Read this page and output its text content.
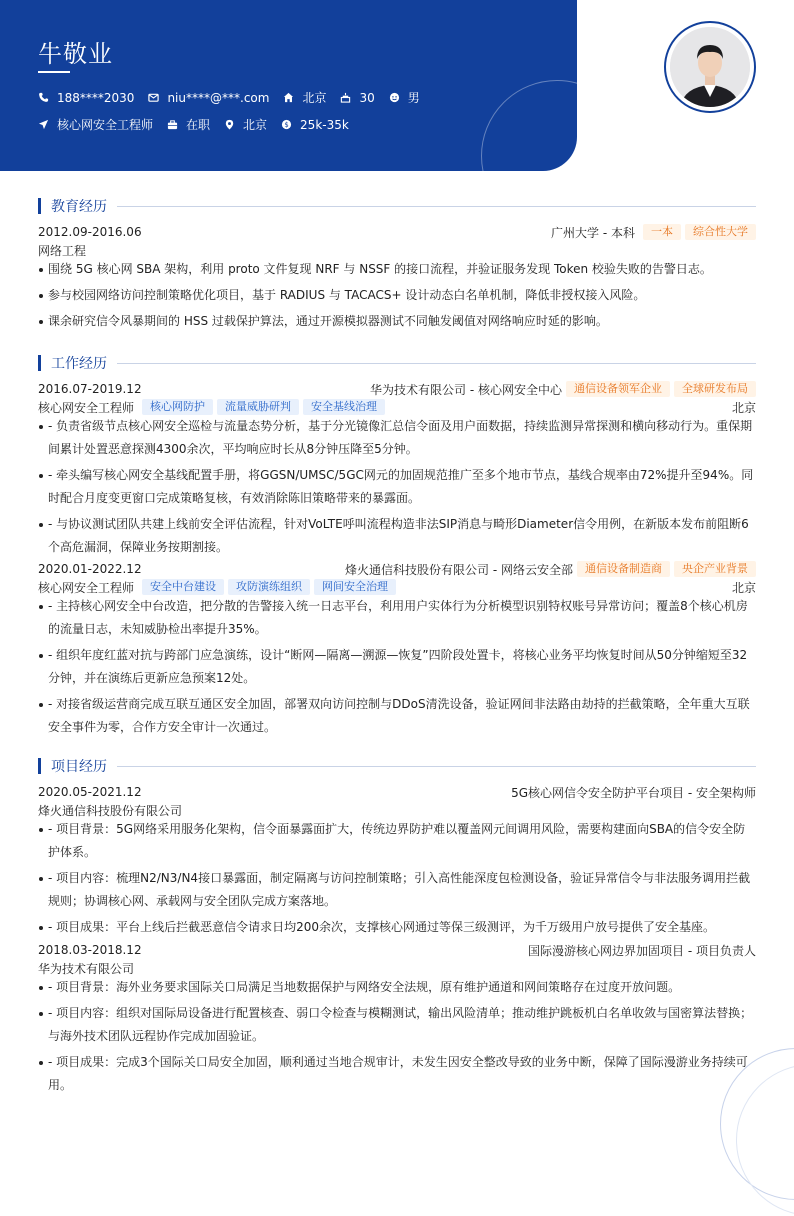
牛敬业
188****2030	niu****@***.com	北京	30	男
核心网安全工程师	在职	北京 $ 25k-35k
教育经历
2012.09-2016.06	广州大学 - 本科	一本	综合性大学
网络工程
围绕 5G 核心网 SBA 架构，利用 proto 文件复现 NRF 与 NSSF 的接口流程，并验证服务发现 Token 校验失败的告警日志。
参与校园网络访问控制策略优化项目，基于 RADIUS 与 TACACS+ 设计动态白名单机制，降低非授权接入风险。
课余研究信令风暴期间的 HSS 过载保护算法，通过开源模拟器测试不同触发阈值对网络响应时延的影响。
工作经历
2016.07-2019.12	华为技术有限公司 - 核心网安全中心	通信设备领军企业	全球研发布局
核心网安全工程师	核心网防护	流量威胁研判	安全基线治理	北京
- 负责省级节点核心网安全巡检与流量态势分析，基于分光镜像汇总信令面及用户面数据，持续监测异常探测和横向移动行为。重保期间累计处置恶意探测4300余次，平均响应时长从8分钟压降至5分钟。
- 牵头编写核心网安全基线配置手册，将GGSN/UMSC/5GC网元的加固规范推广至多个地市节点，基线合规率由72%提升至94%。同时配合月度变更窗口完成策略复核，有效消除陈旧策略带来的暴露面。
- 与协议测试团队共建上线前安全评估流程，针对VoLTE呼叫流程构造非法SIP消息与畸形Diameter信令用例，在新版本发布前阻断6个高危漏洞，保障业务按期割接。
2020.01-2022.12	烽火通信科技股份有限公司 - 网络云安全部	通信设备制造商	央企产业背景
核心网安全工程师	安全中台建设	攻防演练组织	网间安全治理	北京
- 主持核心网安全中台改造，把分散的告警接入统一日志平台，利用用户实体行为分析模型识别特权账号异常访问；覆盖8个核心机房的流量日志，未知威胁检出率提升35%。
- 组织年度红蓝对抗与跨部门应急演练，设计“断网—隔离—溯源—恢复”四阶段处置卡，将核心业务平均恢复时间从50分钟缩短至32分钟，并在演练后更新应急预案12处。
- 对接省级运营商完成互联互通区安全加固，部署双向访问控制与DDoS清洗设备，验证网间非法路由劫持的拦截策略，全年重大互联安全事件为零，合作方安全审计一次通过。
项目经历
2020.05-2021.12	5G核心网信令安全防护平台项目 - 安全架构师
烽火通信科技股份有限公司
- 项目背景：5G网络采用服务化架构，信令面暴露面扩大，传统边界防护难以覆盖网元间调用风险，需要构建面向SBA的信令安全防护体系。
- 项目内容：梳理N2/N3/N4接口暴露面，制定隔离与访问控制策略；引入高性能深度包检测设备，验证异常信令与非法服务调用拦截规则；协调核心网、承载网与安全团队完成方案落地。
- 项目成果：平台上线后拦截恶意信令请求日均200余次，支撑核心网通过等保三级测评，为千万级用户放号提供了安全基座。
2018.03-2018.12	国际漫游核心网边界加固项目 - 项目负责人
华为技术有限公司
- 项目背景：海外业务要求国际关口局满足当地数据保护与网络安全法规，原有维护通道和网间策略存在过度开放问题。
- 项目内容：组织对国际局设备进行配置核查、弱口令检查与模糊测试，输出风险清单；推动维护跳板机白名单收敛与国密算法替换；与海外技术团队远程协作完成加固验证。
- 项目成果：完成3个国际关口局安全加固，顺利通过当地合规审计，未发生因安全整改导致的业务中断，保障了国际漫游业务持续可用。
